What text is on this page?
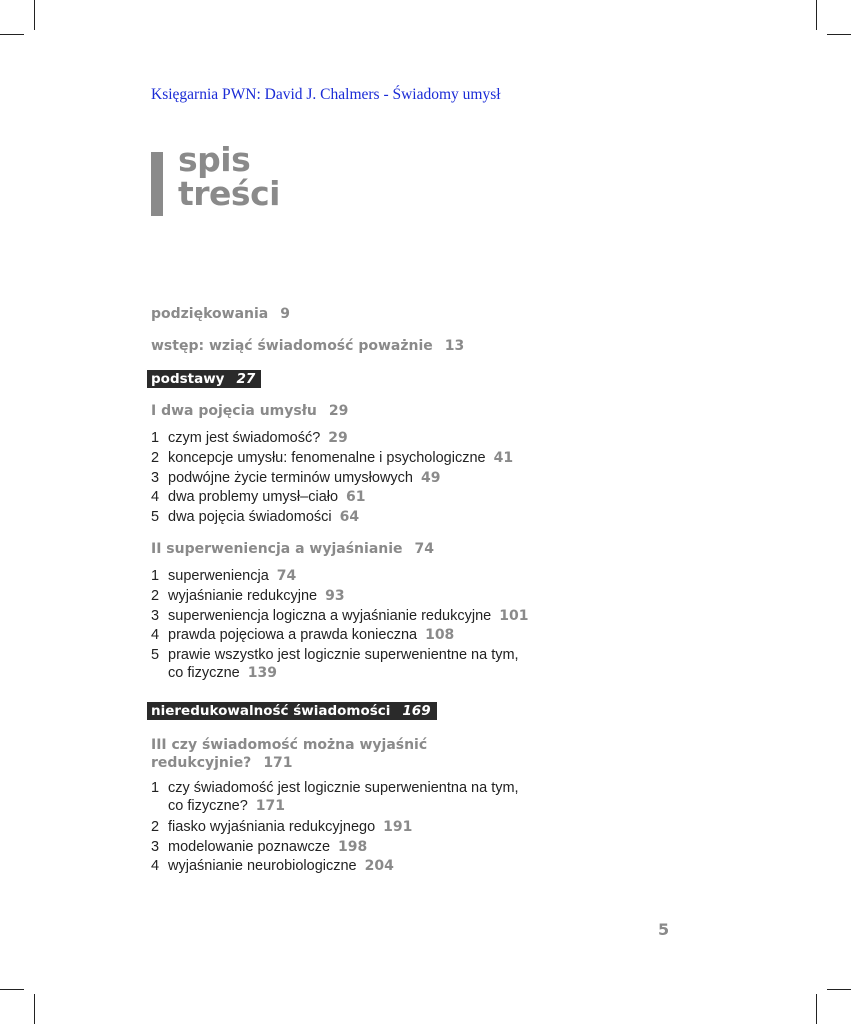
Księgarnia PWN: David J. Chalmers - Świadomy umysł
spis
treści
podziękowania 9
wstęp: wziąć świadomość poważnie 13
podstawy 27
I dwa pojęcia umysłu 29
1 czym jest świadomość? 29
2 koncepcje umysłu: fenomenalne i psychologiczne 41
3 podwójne życie terminów umysłowych 49
4 dwa problemy umysł–ciało 61
5 dwa pojęcia świadomości 64
II superweniencja a wyjaśnianie 74
1 superweniencja 74
2 wyjaśnianie redukcyjne 93
3 superweniencja logiczna a wyjaśnianie redukcyjne 101
4 prawda pojęciowa a prawda konieczna 108
5 prawie wszystko jest logicznie superwenientne na tym,
co fizyczne 139
nieredukowalność świadomości 169
III czy świadomość można wyjaśnić
redukcyjnie? 171
1 czy świadomość jest logicznie superwenientna na tym,
co fizyczne? 171
2 fiasko wyjaśniania redukcyjnego 191
3 modelowanie poznawcze 198
4 wyjaśnianie neurobiologiczne 204
5
